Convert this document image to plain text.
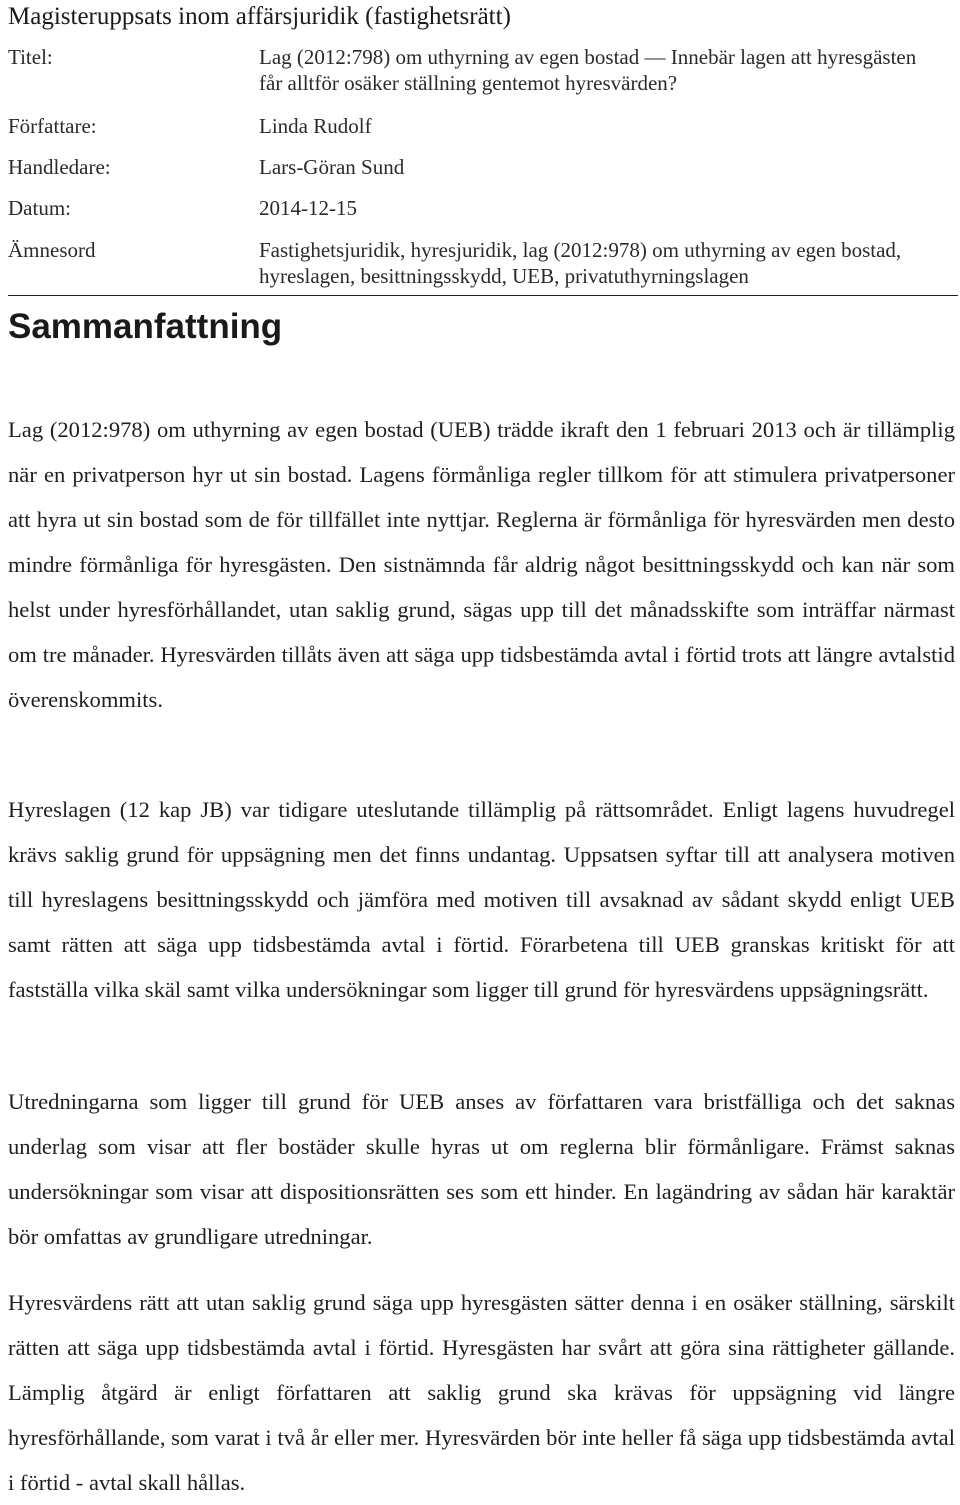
Magisteruppsats inom affärsjuridik (fastighetsrätt)
Titel:	Lag (2012:798) om uthyrning av egen bostad — Innebär lagen att hyresgästen får alltför osäker ställning gentemot hyresvärden?
Författare:	Linda Rudolf
Handledare:	Lars-Göran Sund
Datum:	2014-12-15
Ämnesord	Fastighetsjuridik, hyresjuridik, lag (2012:978) om uthyrning av egen bostad, hyreslagen, besittningsskydd, UEB, privatuthyrningslagen
Sammanfattning

Lag (2012:978) om uthyrning av egen bostad (UEB) trädde ikraft den 1 februari 2013 och är tillämplig när en privatperson hyr ut sin bostad. Lagens förmånliga regler tillkom för att stimulera privatpersoner att hyra ut sin bostad som de för tillfället inte nyttjar. Reglerna är förmånliga för hyresvärden men desto mindre förmånliga för hyresgästen. Den sistnämnda får aldrig något besittningsskydd och kan när som helst under hyresförhållandet, utan saklig grund, sägas upp till det månadsskifte som inträffar närmast om tre månader. Hyresvärden tillåts även att säga upp tidsbestämda avtal i förtid trots att längre avtalstid överenskommits.

Hyreslagen (12 kap JB) var tidigare uteslutande tillämplig på rättsområdet. Enligt lagens huvudregel krävs saklig grund för uppsägning men det finns undantag. Uppsatsen syftar till att analysera motiven till hyreslagens besittningsskydd och jämföra med motiven till avsaknad av sådant skydd enligt UEB samt rätten att säga upp tidsbestämda avtal i förtid. Förarbetena till UEB granskas kritiskt för att fastställa vilka skäl samt vilka undersökningar som ligger till grund för hyresvärdens uppsägningsrätt.

Utredningarna som ligger till grund för UEB anses av författaren vara bristfälliga och det saknas underlag som visar att fler bostäder skulle hyras ut om reglerna blir förmånligare. Främst saknas undersökningar som visar att dispositionsrätten ses som ett hinder. En lagändring av sådan här karaktär bör omfattas av grundligare utredningar.

Hyresvärdens rätt att utan saklig grund säga upp hyresgästen sätter denna i en osäker ställning, särskilt rätten att säga upp tidsbestämda avtal i förtid. Hyresgästen har svårt att göra sina rättigheter gällande. Lämplig åtgärd är enligt författaren att saklig grund ska krävas för uppsägning vid längre hyresförhållande, som varat i två år eller mer. Hyresvärden bör inte heller få säga upp tidsbestämda avtal i förtid - avtal skall hållas.
